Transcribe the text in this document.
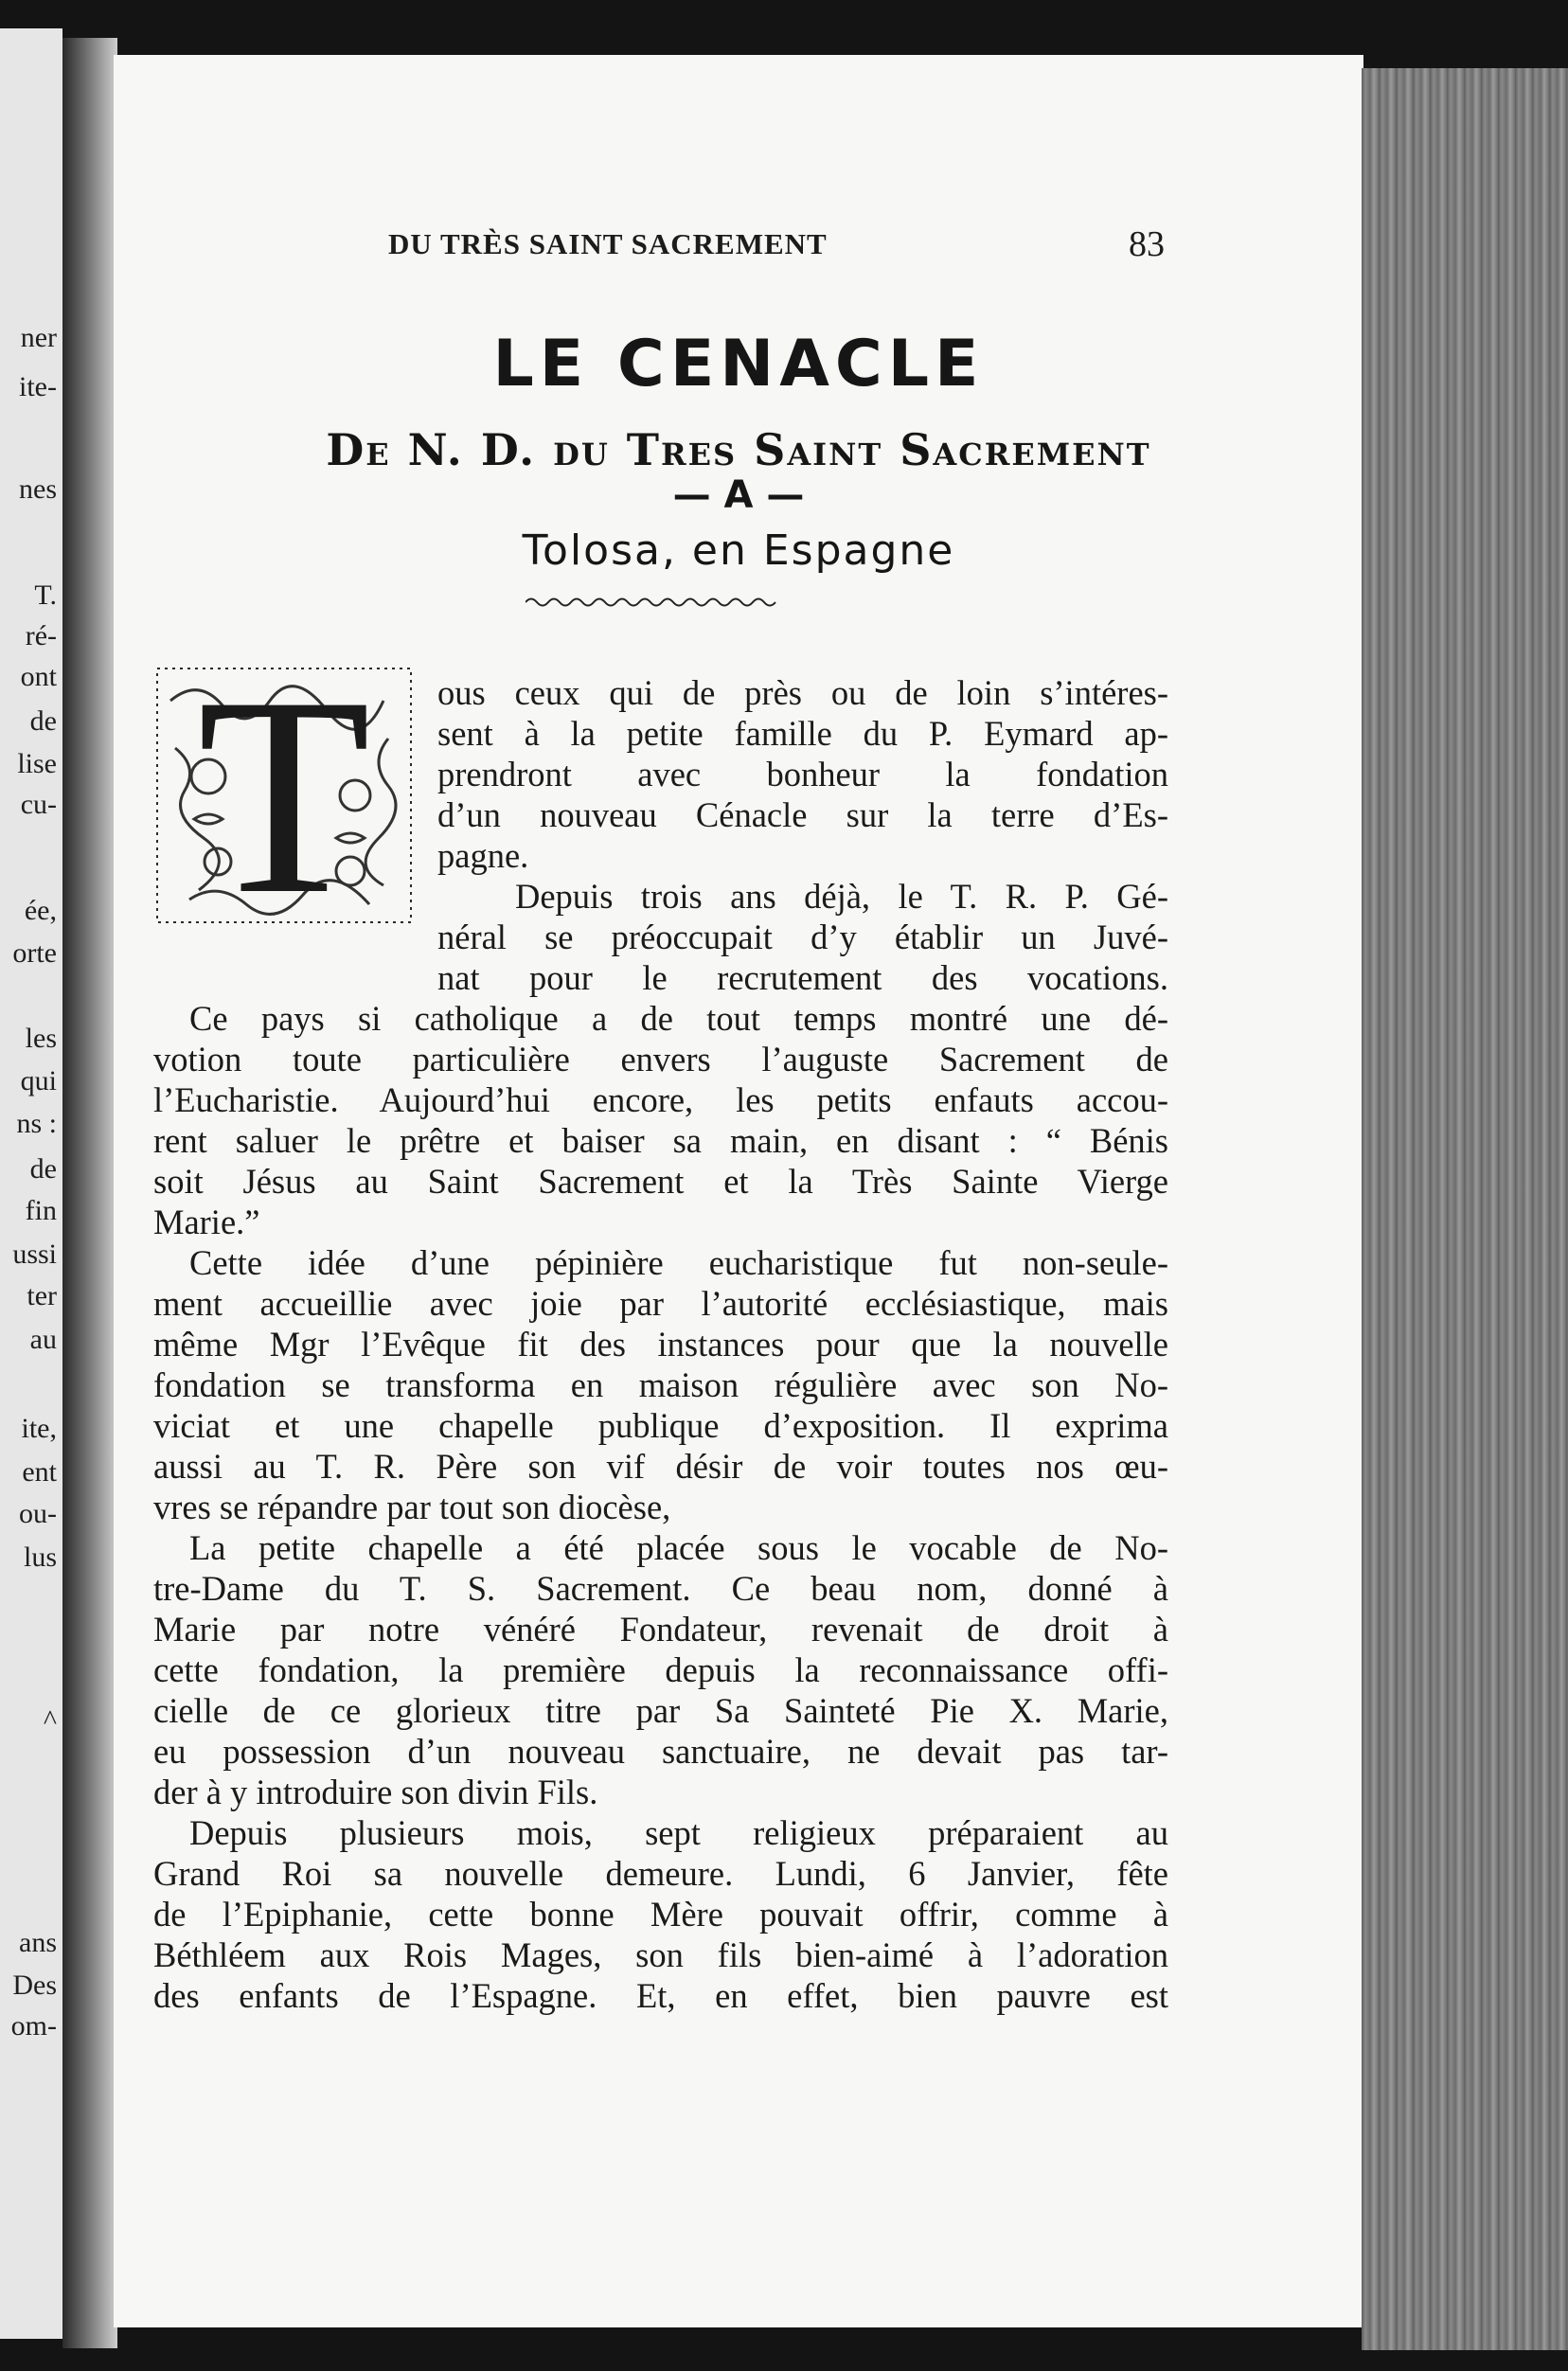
ner
ite-
nes
T.
ré-
ont
de
lise
cu-
ée,
orte
les
qui
ns :
de
fin
ussi
ter
au
ite,
ent
ou-
lus
^
ans
Des
om-
DU TRÈS SAINT SACREMENT	83
LE CENACLE
De N. D. du Tres Saint Sacrement
— A —
Tolosa, en Espagne
T	ous ceux qui de près ou de loin s’intéres-
sent à la petite famille du P. Eymard ap-
prendront avec bonheur la fondation
d’un nouveau Cénacle sur la terre d’Es-
pagne.
Depuis trois ans déjà, le T. R. P. Gé-
néral se préoccupait d’y établir un Juvé-
nat pour le recrutement des vocations.
Ce pays si catholique a de tout temps montré une dé-
votion toute particulière envers l’auguste Sacrement de
l’Eucharistie. Aujourd’hui encore, les petits enfauts accou-
rent saluer le prêtre et baiser sa main, en disant : “ Bénis
soit Jésus au Saint Sacrement et la Très Sainte Vierge
Marie.”
Cette idée d’une pépinière eucharistique fut non-seule-
ment accueillie avec joie par l’autorité ecclésiastique, mais
même Mgr l’Evêque fit des instances pour que la nouvelle
fondation se transforma en maison régulière avec son No-
viciat et une chapelle publique d’exposition. Il exprima
aussi au T. R. Père son vif désir de voir toutes nos œu-
vres se répandre par tout son diocèse,
La petite chapelle a été placée sous le vocable de No-
tre-Dame du T. S. Sacrement. Ce beau nom, donné à
Marie par notre vénéré Fondateur, revenait de droit à
cette fondation, la première depuis la reconnaissance offi-
cielle de ce glorieux titre par Sa Sainteté Pie X. Marie,
eu possession d’un nouveau sanctuaire, ne devait pas tar-
der à y introduire son divin Fils.
Depuis plusieurs mois, sept religieux préparaient au
Grand Roi sa nouvelle demeure. Lundi, 6 Janvier, fête
de l’Epiphanie, cette bonne Mère pouvait offrir, comme à
Béthléem aux Rois Mages, son fils bien-aimé à l’adoration
des enfants de l’Espagne. Et, en effet, bien pauvre est
